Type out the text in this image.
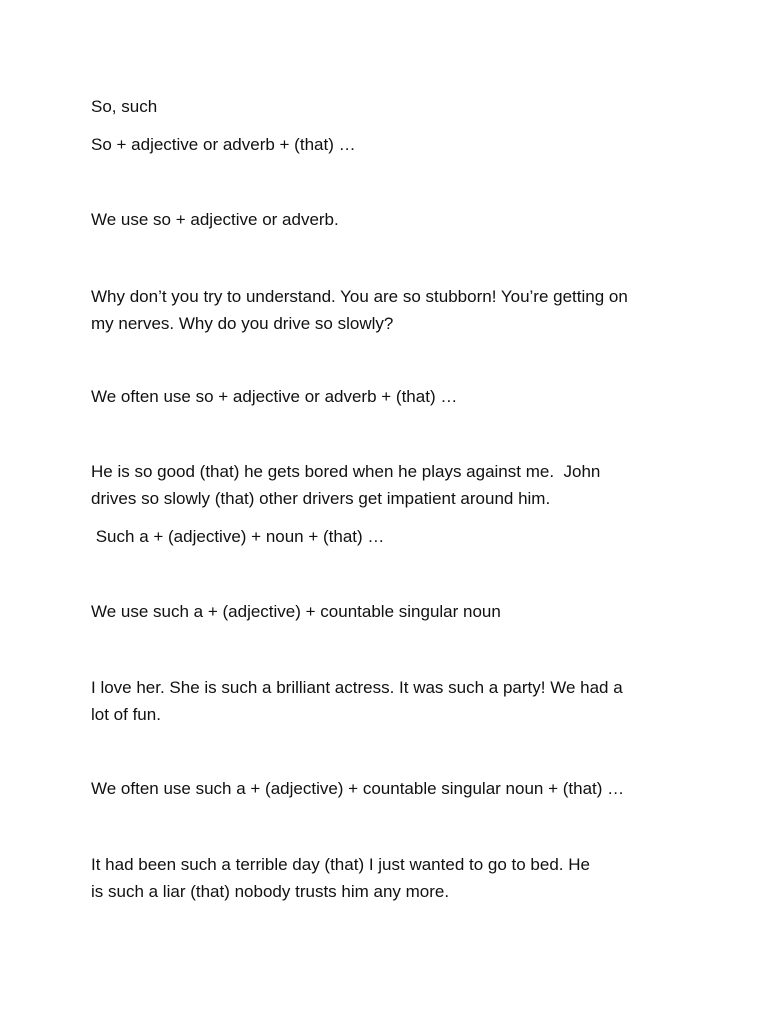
So, such

So + adjective or adverb + (that) …

We use so + adjective or adverb.

Why don’t you try to understand. You are so stubborn! You’re getting on

my nerves. Why do you drive so slowly?

We often use so + adjective or adverb + (that) …

He is so good (that) he gets bored when he plays against me.  John

drives so slowly (that) other drivers get impatient around him.

Such a + (adjective) + noun + (that) …

We use such a + (adjective) + countable singular noun

I love her. She is such a brilliant actress. It was such a party! We had a

lot of fun.

We often use such a + (adjective) + countable singular noun + (that) …

It had been such a terrible day (that) I just wanted to go to bed. He

is such a liar (that) nobody trusts him any more.
